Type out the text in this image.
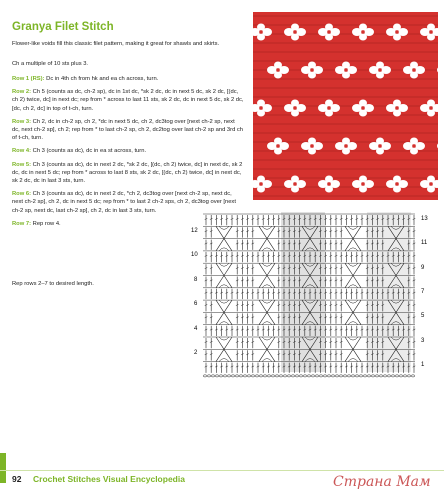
Granya Filet Stitch
Flower-like voids fill this classic filet pattern, making it great for shawls and skirts.
Ch a multiple of 10 sts plus 3.

Row 1 (RS): Dc in 4th ch from hk and ea ch across, turn.

Row 2: Ch 5 (counts as dc, ch-2 sp), dc in 1st dc, *sk 2 dc, dc in next 5 dc, sk 2 dc, [(dc, ch 2) twice, dc] in next dc; rep from * across to last 11 sts, sk 2 dc, dc in next 5 dc, sk 2 dc, [dc, ch 2, dc] in top of t-ch, turn.

Row 3: Ch 2, dc in ch-2 sp, ch 2, *dc in next 5 dc, ch 2, dc3tog over [next ch-2 sp, next dc, next ch-2 sp], ch 2; rep from * to last ch-2 sp, ch 2, dc2tog over last ch-2 sp and 3rd ch of t-ch, turn.

Row 4: Ch 3 (counts as dc), dc in ea st across, turn.

Row 5: Ch 3 (counts as dc), dc in next 2 dc, *sk 2 dc, [(dc, ch 2) twice, dc] in next dc, sk 2 dc, dc in next 5 dc; rep from * across to last 8 sts, sk 2 dc, [(dc, ch 2) twice, dc] in next dc, sk 2 dc, dc in last 3 sts, turn.

Row 6: Ch 3 (counts as dc), dc in next 2 dc, *ch 2, dc3tog over [next ch-2 sp, next dc, next ch-2 sp], ch 2, dc in next 5 dc; rep from * to last 2 ch-2 sps, ch 2, dc3tog over [next ch-2 sp, next dc, last ch-2 sp], ch 2, dc in last 3 sts, turn.

Row 7: Rep row 4.

Rep rows 2–7 to desired length.
13
11
9
7
5
3
1
12
10
8
6
4
2
92 Crochet Stitches Visual Encyclopedia	Страна Мам
